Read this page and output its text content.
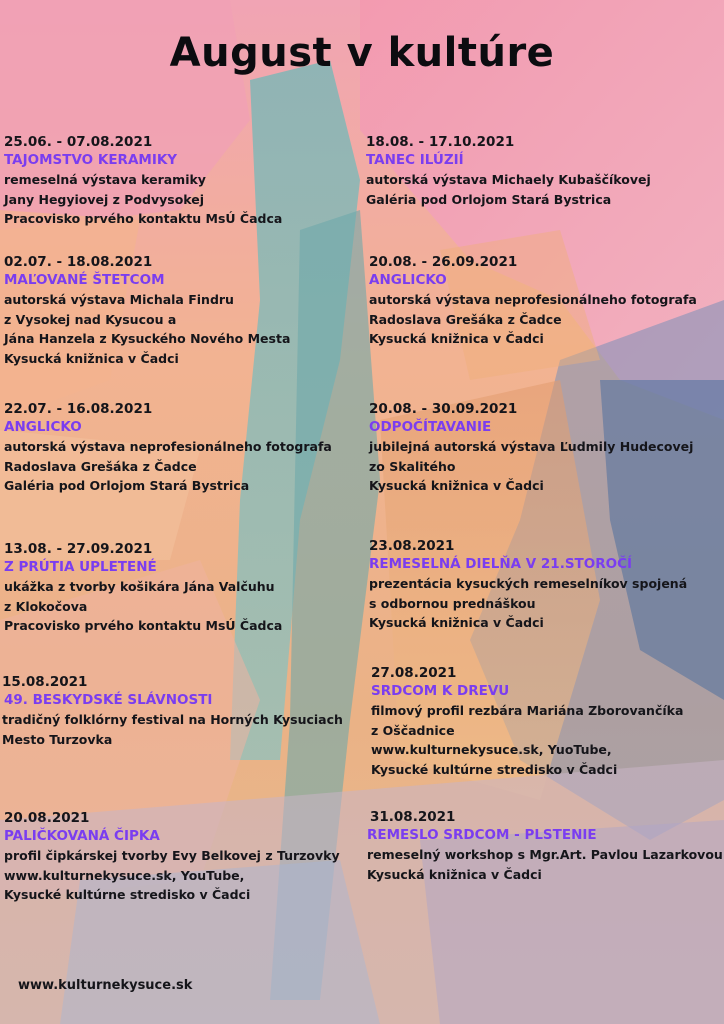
August v kultúre
25.06. - 07.08.2021
TAJOMSTVO KERAMIKY
remeselná výstava keramiky
Jany Hegyiovej z Podvysokej
Pracovisko prvého kontaktu MsÚ Čadca
18.08. - 17.10.2021
TANEC ILÚZIÍ
autorská výstava Michaely Kubaščíkovej
Galéria pod Orlojom Stará Bystrica
02.07. - 18.08.2021
MAĽOVANÉ ŠTETCOM
autorská výstava Michala Findru
z Vysokej nad Kysucou a
Jána Hanzela z Kysuckého Nového Mesta
Kysucká knižnica v Čadci
20.08. - 26.09.2021
ANGLICKO
autorská výstava neprofesionálneho fotografa
Radoslava Grešáka z Čadce
Kysucká knižnica v Čadci
22.07. - 16.08.2021
ANGLICKO
autorská výstava neprofesionálneho fotografa
Radoslava Grešáka z Čadce
Galéria pod Orlojom Stará Bystrica
20.08. - 30.09.2021
ODPOČÍTAVANIE
jubilejná autorská výstava Ľudmily Hudecovej
zo Skalitého
Kysucká knižnica v Čadci
13.08. - 27.09.2021
Z PRÚTIA UPLETENÉ
ukážka z tvorby košikára Jána Valčuhu
z Klokočova
Pracovisko prvého kontaktu MsÚ Čadca
23.08.2021
REMESELNÁ DIELŇA V 21.STOROČÍ
prezentácia kysuckých remeselníkov spojená
s odbornou prednáškou
Kysucká knižnica v Čadci
15.08.2021
49. BESKYDSKÉ SLÁVNOSTI
tradičný folklórny festival na Horných Kysuciach
Mesto Turzovka
27.08.2021
SRDCOM K DREVU
filmový profil rezbára Mariána Zborovančíka
z Oščadnice
www.kulturnekysuce.sk, YuoTube,
Kysucké kultúrne stredisko v Čadci
20.08.2021
PALIČKOVANÁ ČIPKA
profil čipkárskej tvorby Evy Belkovej z Turzovky
www.kulturnekysuce.sk, YouTube,
Kysucké kultúrne stredisko v Čadci
31.08.2021
REMESLO SRDCOM - PLSTENIE
remeselný workshop s Mgr.Art. Pavlou Lazarkovou
Kysucká knižnica v Čadci
www.kulturnekysuce.sk
